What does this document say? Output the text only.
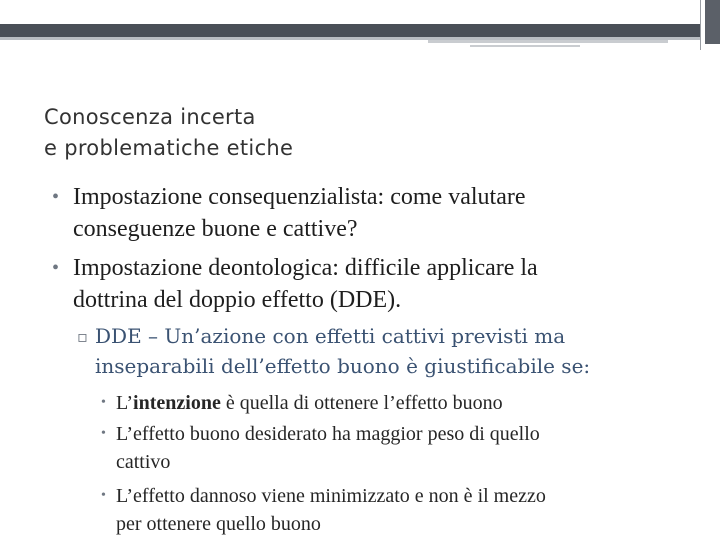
Conoscenza incerta
e problematiche etiche
• Impostazione consequenzialista: come valutare
conseguenze buone e cattive?
• Impostazione deontologica: difficile applicare la
dottrina del doppio effetto (DDE).
▫ DDE – Un’azione con effetti cattivi previsti ma
inseparabili dell’effetto buono è giustificabile se:
• L’intenzione è quella di ottenere l’effetto buono
• L’effetto buono desiderato ha maggior peso di quello
cattivo
• L’effetto dannoso viene minimizzato e non è il mezzo
per ottenere quello buono
